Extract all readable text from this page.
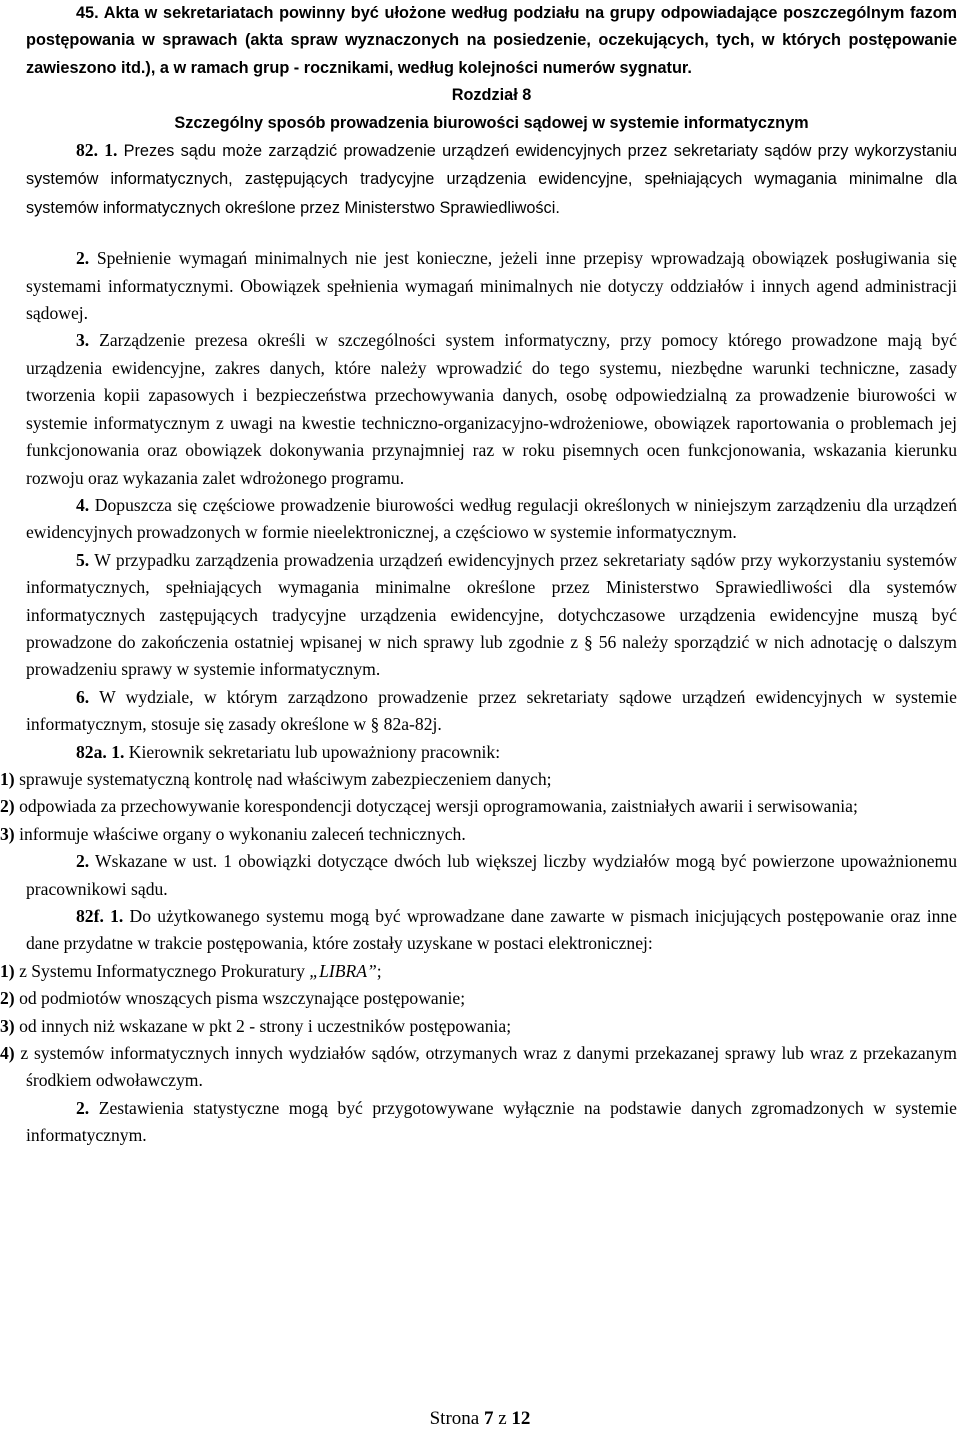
45. Akta w sekretariatach powinny być ułożone według podziału na grupy odpowiadające poszczególnym fazom postępowania w sprawach (akta spraw wyznaczonych na posiedzenie, oczekujących, tych, w których postępowanie zawieszono itd.), a w ramach grup - rocznikami, według kolejności numerów sygnatur.

Rozdział 8

Szczególny sposób prowadzenia biurowości sądowej w systemie informatycznym

82. 1. Prezes sądu może zarządzić prowadzenie urządzeń ewidencyjnych przez sekretariaty sądów przy wykorzystaniu systemów informatycznych, zastępujących tradycyjne urządzenia ewidencyjne, spełniających wymagania minimalne dla systemów informatycznych określone przez Ministerstwo Sprawiedliwości.

2. Spełnienie wymagań minimalnych nie jest konieczne, jeżeli inne przepisy wprowadzają obowiązek posługiwania się systemami informatycznymi. Obowiązek spełnienia wymagań minimalnych nie dotyczy oddziałów i innych agend administracji sądowej.

3. Zarządzenie prezesa określi w szczególności system informatyczny, przy pomocy którego prowadzone mają być urządzenia ewidencyjne, zakres danych, które należy wprowadzić do tego systemu, niezbędne warunki techniczne, zasady tworzenia kopii zapasowych i bezpieczeństwa przechowywania danych, osobę odpowiedzialną za prowadzenie biurowości w systemie informatycznym z uwagi na kwestie techniczno-organizacyjno-wdrożeniowe, obowiązek raportowania o problemach jej funkcjonowania oraz obowiązek dokonywania przynajmniej raz w roku pisemnych ocen funkcjonowania, wskazania kierunku rozwoju oraz wykazania zalet wdrożonego programu.

4. Dopuszcza się częściowe prowadzenie biurowości według regulacji określonych w niniejszym zarządzeniu dla urządzeń ewidencyjnych prowadzonych w formie nieelektronicznej, a częściowo w systemie informatycznym.

5. W przypadku zarządzenia prowadzenia urządzeń ewidencyjnych przez sekretariaty sądów przy wykorzystaniu systemów informatycznych, spełniających wymagania minimalne określone przez Ministerstwo Sprawiedliwości dla systemów informatycznych zastępujących tradycyjne urządzenia ewidencyjne, dotychczasowe urządzenia ewidencyjne muszą być prowadzone do zakończenia ostatniej wpisanej w nich sprawy lub zgodnie z § 56 należy sporządzić w nich adnotację o dalszym prowadzeniu sprawy w systemie informatycznym.

6. W wydziale, w którym zarządzono prowadzenie przez sekretariaty sądowe urządzeń ewidencyjnych w systemie informatycznym, stosuje się zasady określone w § 82a-82j.

82a. 1. Kierownik sekretariatu lub upoważniony pracownik:

1) sprawuje systematyczną kontrolę nad właściwym zabezpieczeniem danych;

2) odpowiada za przechowywanie korespondencji dotyczącej wersji oprogramowania, zaistniałych awarii i serwisowania;

3) informuje właściwe organy o wykonaniu zaleceń technicznych.

2. Wskazane w ust. 1 obowiązki dotyczące dwóch lub większej liczby wydziałów mogą być powierzone upoważnionemu pracownikowi sądu.

82f. 1. Do użytkowanego systemu mogą być wprowadzane dane zawarte w pismach inicjujących postępowanie oraz inne dane przydatne w trakcie postępowania, które zostały uzyskane w postaci elektronicznej:

1) z Systemu Informatycznego Prokuratury „LIBRA”;

2) od podmiotów wnoszących pisma wszczynające postępowanie;

3) od innych niż wskazane w pkt 2 - strony i uczestników postępowania;

4) z systemów informatycznych innych wydziałów sądów, otrzymanych wraz z danymi przekazanej sprawy lub wraz z przekazanym środkiem odwoławczym.

2. Zestawienia statystyczne mogą być przygotowywane wyłącznie na podstawie danych zgromadzonych w systemie informatycznym.

Strona 7 z 12
